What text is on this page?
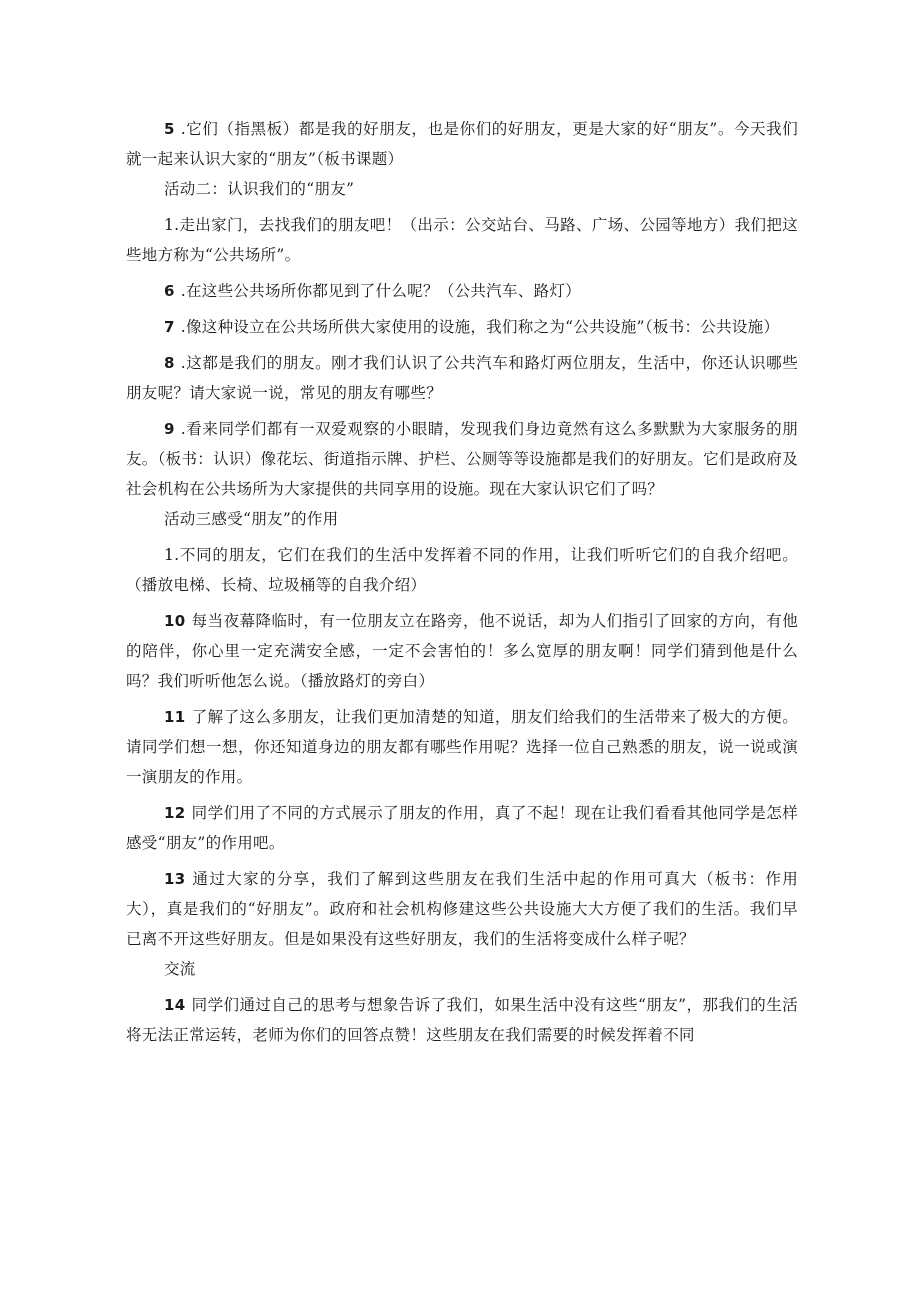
5 .它们（指黑板）都是我的好朋友，也是你们的好朋友，更是大家的好“朋友”。今天我们就一起来认识大家的“朋友”（板书课题）

活动二：认识我们的“朋友”

1.走出家门，去找我们的朋友吧！（出示：公交站台、马路、广场、公园等地方）我们把这些地方称为“公共场所”。

6 .在这些公共场所你都见到了什么呢？（公共汽车、路灯）

7 .像这种设立在公共场所供大家使用的设施，我们称之为“公共设施”（板书：公共设施）

8 .这都是我们的朋友。刚才我们认识了公共汽车和路灯两位朋友，生活中，你还认识哪些朋友呢？请大家说一说，常见的朋友有哪些？

9 .看来同学们都有一双爱观察的小眼睛，发现我们身边竟然有这么多默默为大家服务的朋友。（板书：认识）像花坛、街道指示牌、护栏、公厕等等设施都是我们的好朋友。它们是政府及社会机构在公共场所为大家提供的共同享用的设施。现在大家认识它们了吗？

活动三感受“朋友”的作用

1.不同的朋友，它们在我们的生活中发挥着不同的作用，让我们听听它们的自我介绍吧。（播放电梯、长椅、垃圾桶等的自我介绍）

10 每当夜幕降临时，有一位朋友立在路旁，他不说话，却为人们指引了回家的方向，有他的陪伴，你心里一定充满安全感，一定不会害怕的！多么宽厚的朋友啊！同学们猜到他是什么吗？我们听听他怎么说。（播放路灯的旁白）

11 了解了这么多朋友，让我们更加清楚的知道，朋友们给我们的生活带来了极大的方便。请同学们想一想，你还知道身边的朋友都有哪些作用呢？选择一位自己熟悉的朋友，说一说或演一演朋友的作用。

12 同学们用了不同的方式展示了朋友的作用，真了不起！现在让我们看看其他同学是怎样感受“朋友”的作用吧。

13 通过大家的分享，我们了解到这些朋友在我们生活中起的作用可真大（板书：作用大），真是我们的“好朋友”。政府和社会机构修建这些公共设施大大方便了我们的生活。我们早已离不开这些好朋友。但是如果没有这些好朋友，我们的生活将变成什么样子呢？

交流

14 同学们通过自己的思考与想象告诉了我们，如果生活中没有这些“朋友”，那我们的生活将无法正常运转，老师为你们的回答点赞！这些朋友在我们需要的时候发挥着不同
